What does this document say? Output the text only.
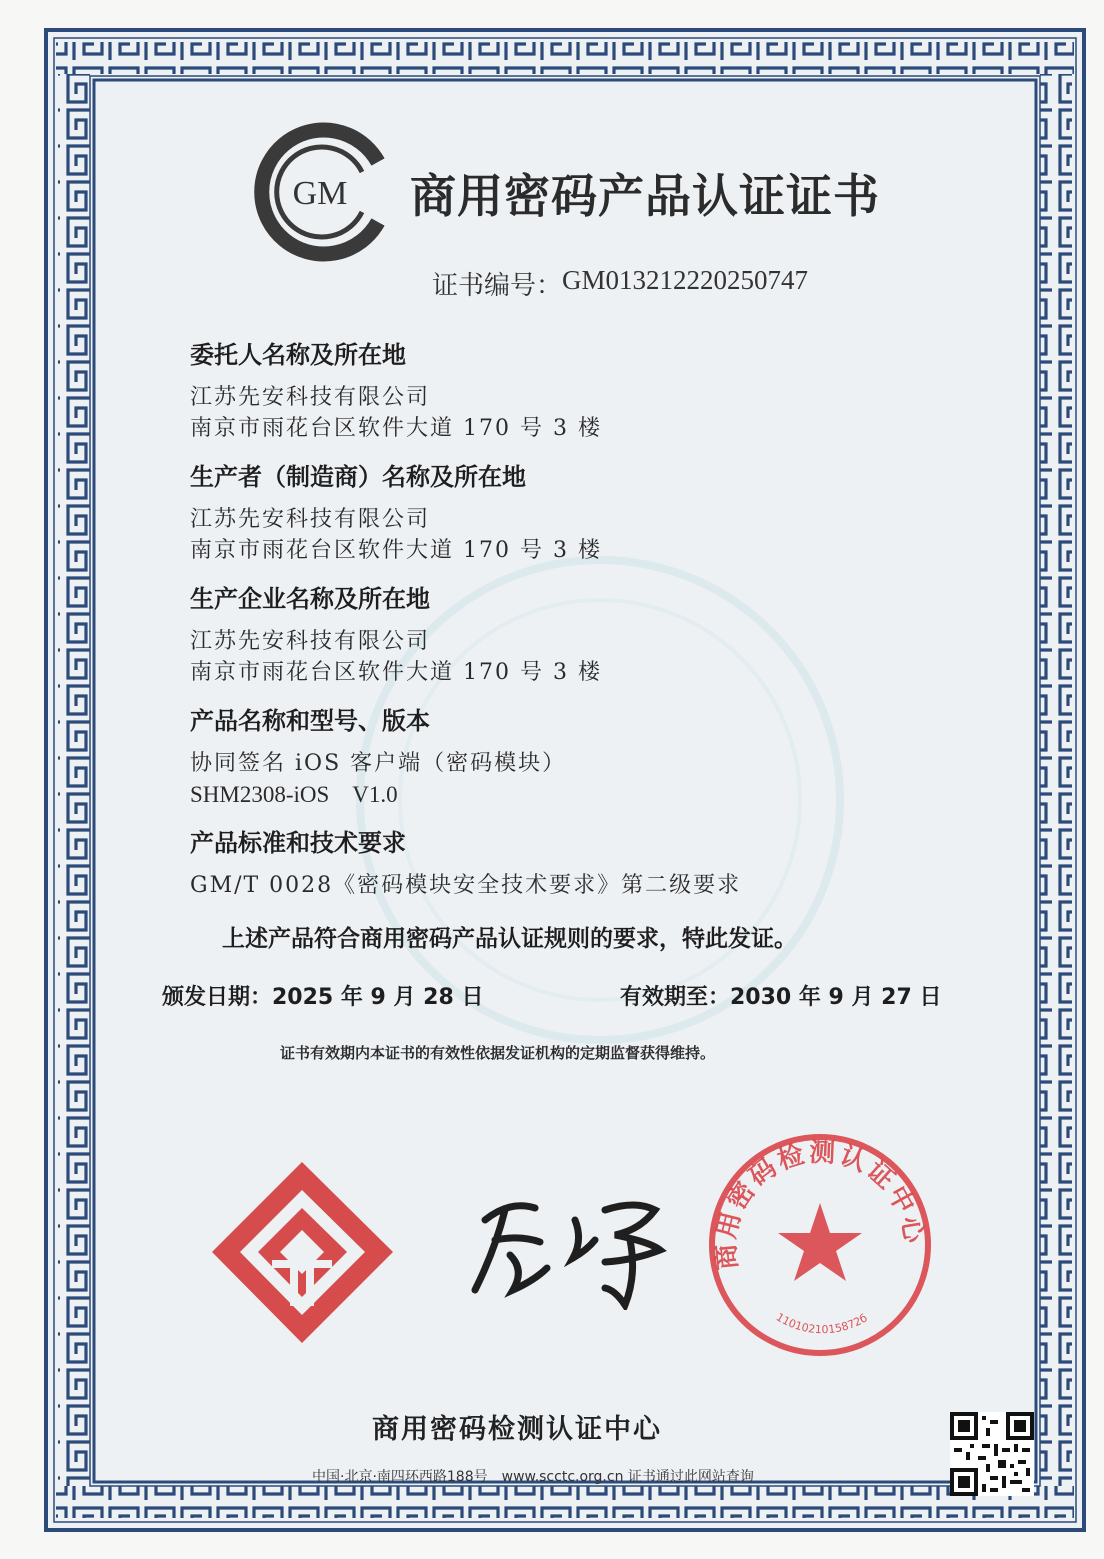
GM 商用密码产品认证证书
证书编号： GM013212220250747
委托人名称及所在地
江苏先安科技有限公司
南京市雨花台区软件大道 170 号 3 楼
生产者（制造商）名称及所在地
江苏先安科技有限公司
南京市雨花台区软件大道 170 号 3 楼
生产企业名称及所在地
江苏先安科技有限公司
南京市雨花台区软件大道 170 号 3 楼
产品名称和型号、版本
协同签名 iOS 客户端（密码模块）
SHM2308-iOS　V1.0
产品标准和技术要求
GM/T 0028《密码模块安全技术要求》第二级要求
上述产品符合商用密码产品认证规则的要求，特此发证。
颁发日期：2025 年 9 月 28 日	有效期至：2030 年 9 月 27 日
证书有效期内本证书的有效性依据发证机构的定期监督获得维持。
商用密码检测认证中心
1101021015872б
商用密码检测认证中心
中国·北京·南四环西路188号 www.scctc.org.cn 证书通过此网站查询
